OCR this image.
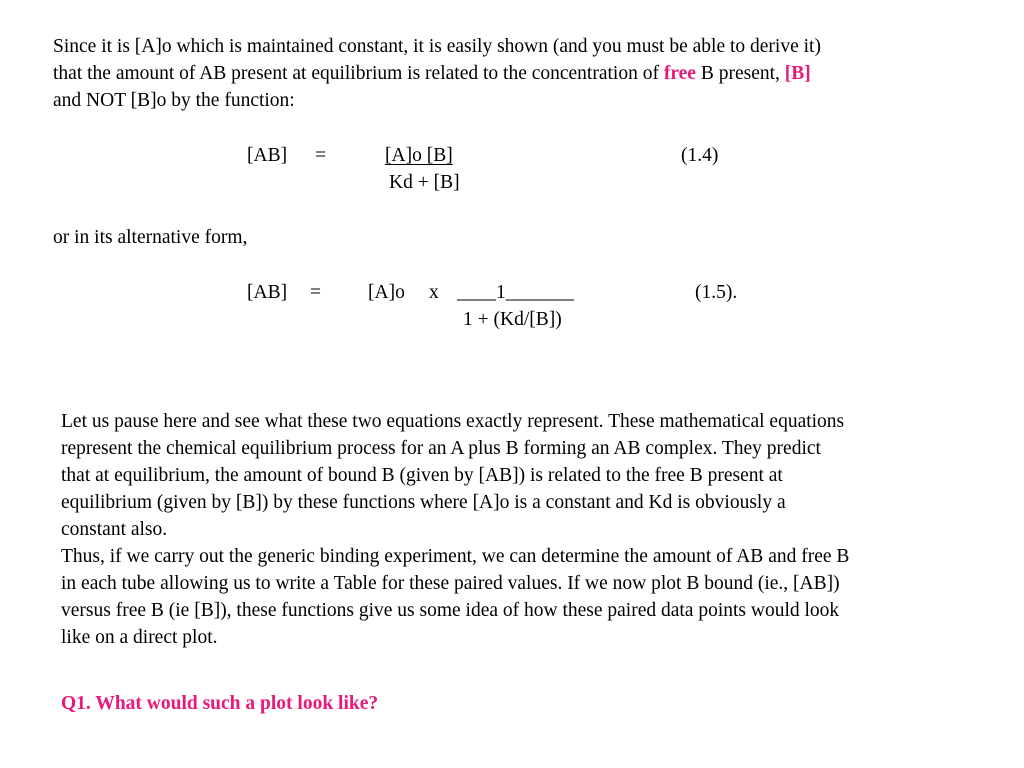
Since it is [A]o which is maintained constant, it is easily shown (and you must be able to derive it)
that the amount of AB present at equilibrium is related to the concentration of free B present, [B]
and NOT [B]o by the function:
[AB] =	[A]o [B]
Kd + [B]
(1.4)
or in its alternative form,
[AB] = [A]o x ____1_______
1 + (Kd/[B])
(1.5).
Let us pause here and see what these two equations exactly represent. These mathematical equations
represent the chemical equilibrium process for an A plus B forming an AB complex. They predict
that at equilibrium, the amount of bound B (given by [AB]) is related to the free B present at
equilibrium (given by [B]) by these functions where [A]o is a constant and Kd is obviously a
constant also.
Thus, if we carry out the generic binding experiment, we can determine the amount of AB and free B
in each tube allowing us to write a Table for these paired values. If we now plot B bound (ie., [AB])
versus free B (ie [B]), these functions give us some idea of how these paired data points would look
like on a direct plot.
Q1. What would such a plot look like?
